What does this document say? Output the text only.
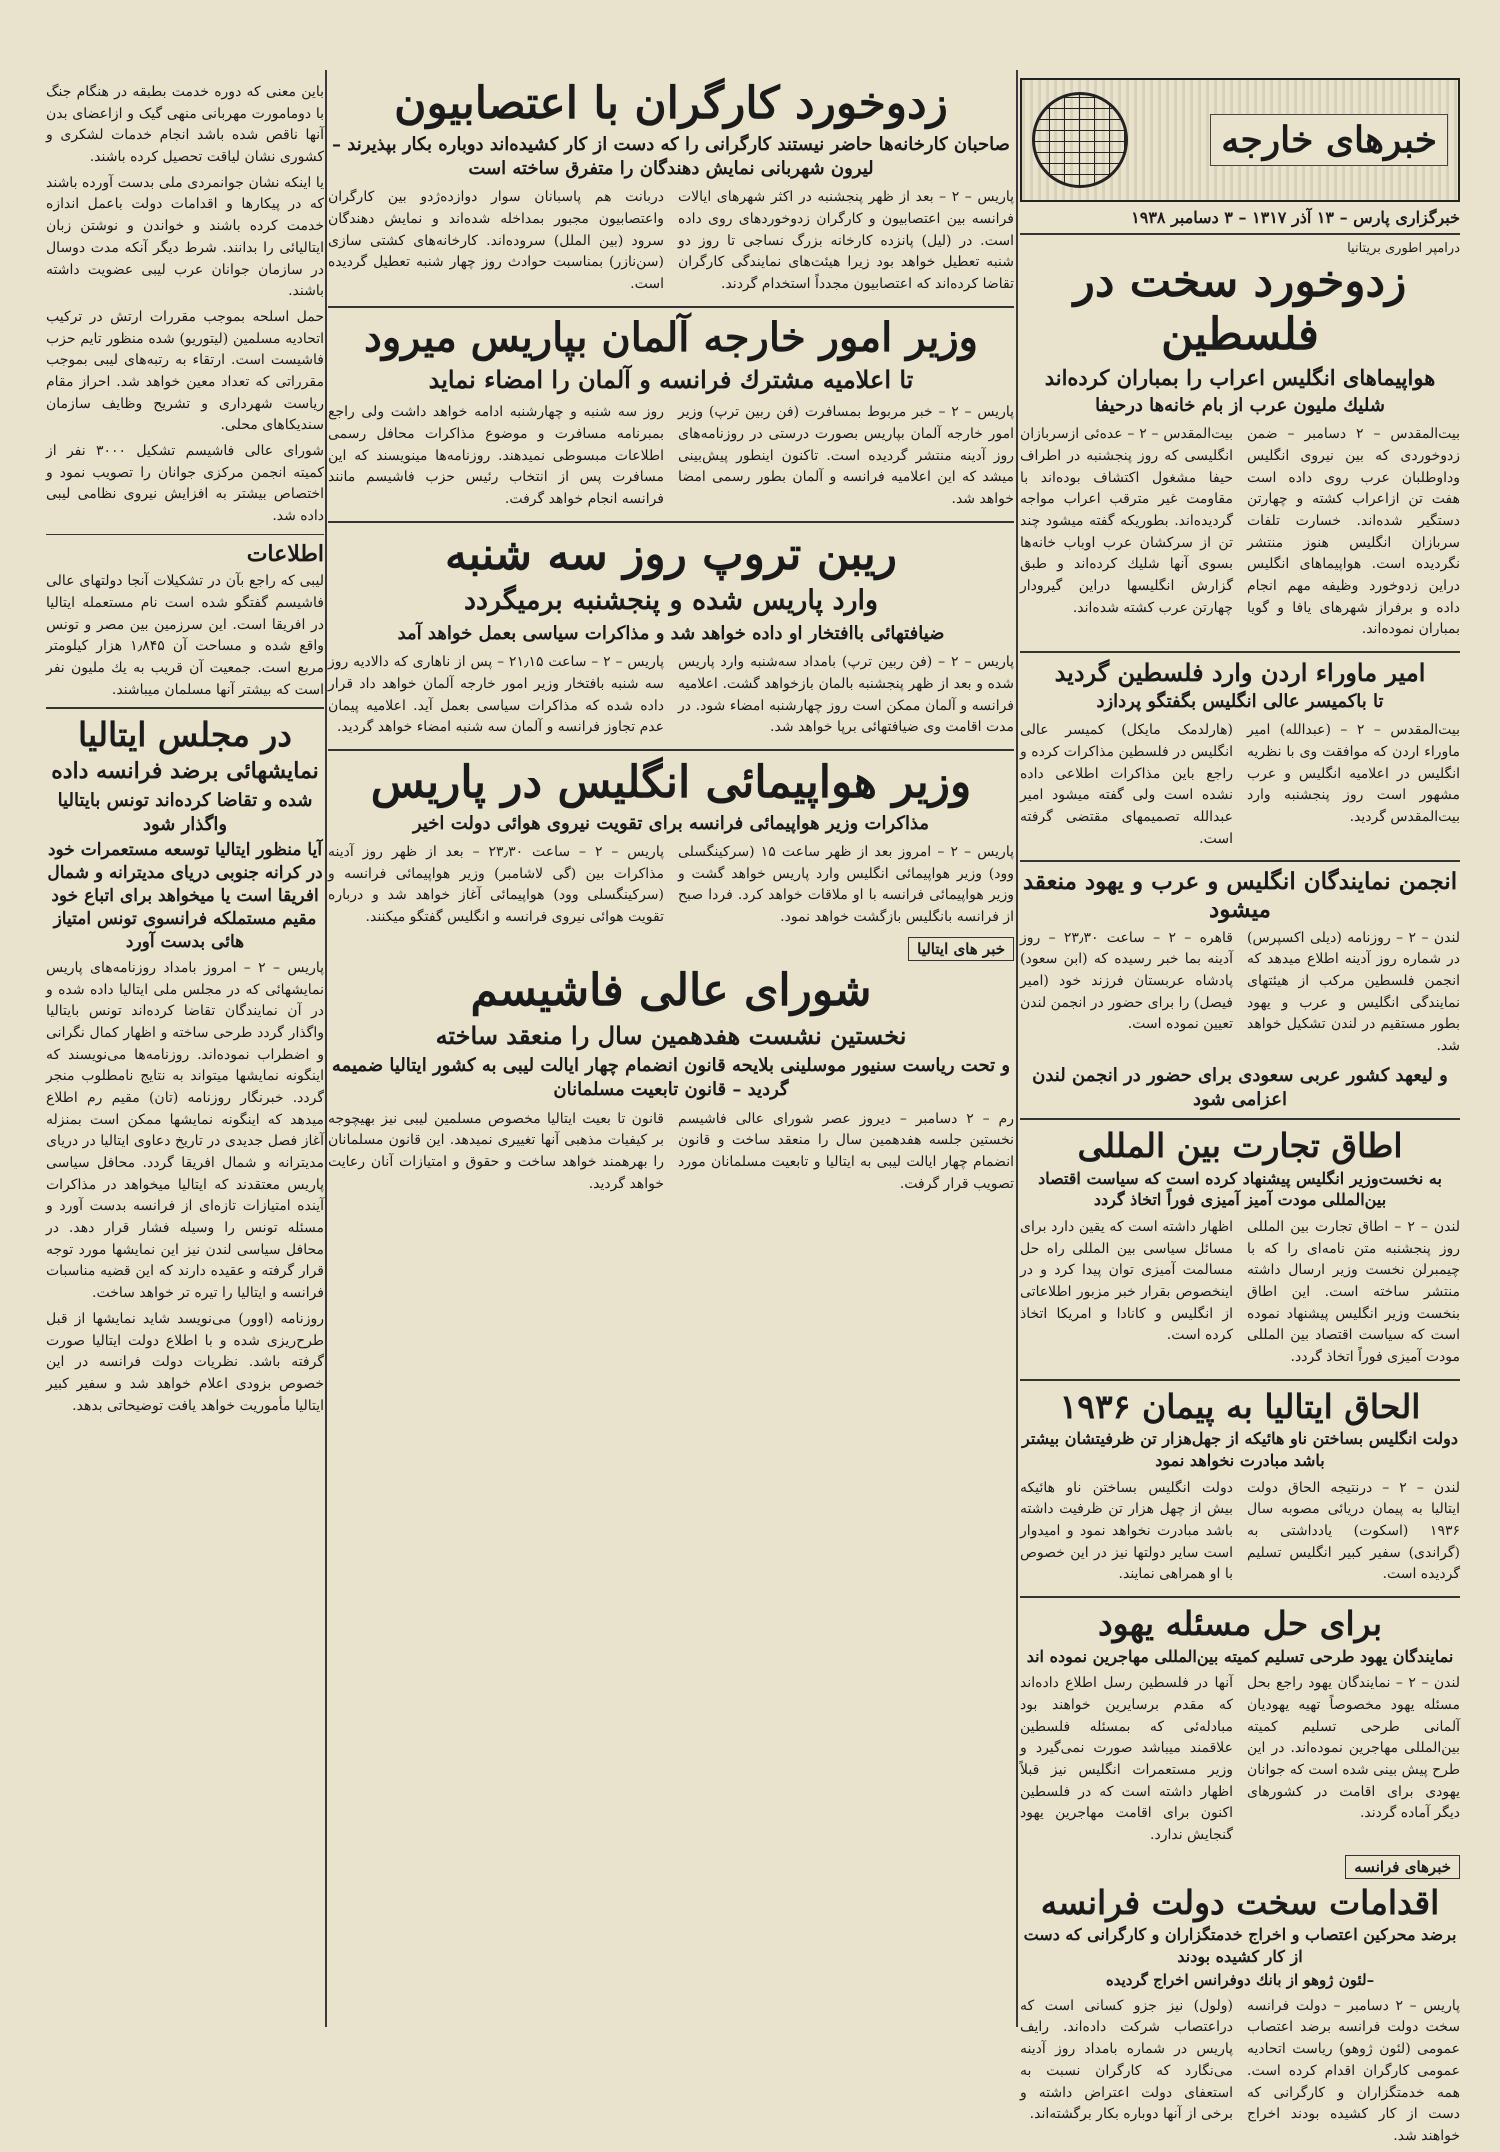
خبرهای خارجه
خبرگزاری پارس – ۱۳ آذر ۱۳۱۷ – ۳ دسامبر ۱۹۳۸
درامپر اطوری بریتانیا
زدوخورد سخت در فلسطین
هواپیماهای انگلیس اعراب را بمباران کرده‌اند
شلیك مليون عرب از بام خانه‌ها درحیفا

بیت‌المقدس – ۲ دسامبر – ضمن زدوخوردی که بین نیروی انگلیس وداوطلبان عرب روی داده است هفت تن ازاعراب کشته و چهارتن دستگیر شده‌اند. خسارت تلفات سربازان انگلیس هنوز منتشر نگردیده است. هواپیماهای انگلیس دراین زدوخورد وظیفه مهم انجام داده و برفراز شهرهای یافا و گویا بمباران نموده‌اند.

بیت‌المقدس – ۲ – عده‌ئی ازسربازان انگلیسی که روز پنجشنبه در اطراف حیفا مشغول اکتشاف بوده‌اند با مقاومت غیر مترقب اعراب مواجه گردیده‌اند. بطوریکه گفته میشود چند تن از سرکشان عرب اوباب خانه‌ها بسوی آنها شلیك کرده‌اند و طبق گزارش انگلیسها دراین گیرودار چهارتن عرب کشته شده‌اند.

امیر ماوراء اردن وارد فلسطین گردید
تا باکمیسر عالی انگلیس بگفتگو پردازد

بیت‌المقدس – ۲ – (عبدالله) امیر ماوراء اردن که موافقت وی با نظریه انگلیس در اعلامیه انگلیس و عرب مشهور است روز پنجشنبه وارد بیت‌المقدس گردید.

(هارلدمک مایکل) کمیسر عالی انگلیس در فلسطین مذاکرات کرده و راجع باین مذاکرات اطلاعی داده نشده است ولی گفته میشود امیر عبدالله تصمیمهای مقتضی گرفته است.

انجمن نمایندگان انگلیس و عرب و یهود منعقد میشود

لندن – ۲ – روزنامه (دیلی اکسپرس) در شماره روز آدینه اطلاع میدهد که انجمن فلسطین مرکب از هیئتهای نمایندگی انگلیس و عرب و یهود بطور مستقیم در لندن تشکیل خواهد شد.

قاهره – ۲ – ساعت ۲۳٫۳۰ – روز آدینه بما خبر رسیده که (ابن سعود) پادشاه عربستان فرزند خود (امیر فیصل) را برای حضور در انجمن لندن تعیین نموده است.

و لیعهد کشور عربی سعودی برای حضور در انجمن لندن اعزامی شود
اطاق تجارت بین المللی
به نخست‌وزیر انگلیس پیشنهاد کرده است که سیاست اقتصاد بین‌المللی مودت آمیز آمیزی فوراً اتخاذ گردد

لندن – ۲ – اطاق تجارت بین المللی روز پنجشنبه متن نامه‌ای را که با چیمبرلن نخست وزیر ارسال داشته منتشر ساخته است. این اطاق بنخست وزیر انگلیس پیشنهاد نموده است که سیاست اقتصاد بین المللی مودت آمیزی فوراً اتخاذ گردد.

اظهار داشته است که یقین دارد برای مسائل سیاسی بین المللی راه حل مسالمت آمیزی توان پیدا کرد و در اینخصوص بقرار خبر مزبور اطلاعاتی از انگلیس و کانادا و امریکا اتخاذ کرده است.

الحاق ایتالیا به پیمان ۱۹۳۶
دولت انگلیس بساختن ناو هائیکه از جهل‌هزار تن ظرفیتشان بیشتر باشد مبادرت نخواهد نمود

لندن – ۲ – درنتیجه الحاق دولت ایتالیا به پیمان دریائی مصوبه سال ۱۹۳۶ (اسکوت) یادداشتی به (گراندی) سفیر کبیر انگلیس تسلیم گردیده است.

دولت انگلیس بساختن ناو هائیکه بیش از چهل هزار تن ظرفیت داشته باشد مبادرت نخواهد نمود و امیدوار است سایر دولتها نیز در این خصوص با او همراهی نمایند.

برای حل مسئله یهود
نمایندگان یهود طرحی تسلیم کمیته بین‌المللی مهاجرین نموده اند

لندن – ۲ – نمایندگان یهود راجع بحل مسئله یهود مخصوصاً تهیه یهودیان آلمانی طرحی تسلیم کمیته بین‌المللی مهاجرین نموده‌اند. در این طرح پیش بینی شده است که جوانان یهودی برای اقامت در کشورهای دیگر آماده گردند.

آنها در فلسطین رسل اطلاع داده‌اند که مقدم برسایرین خواهند بود مبادله‌ئی که بمسئله فلسطین علاقمند میباشد صورت نمی‌گیرد و وزیر مستعمرات انگلیس نیز قبلاً اظهار داشته است که در فلسطین اکنون برای اقامت مهاجرین یهود گنجایش ندارد.

خبرهای فرانسه
اقدامات سخت دولت فرانسه
برضد محرکین اعتصاب و اخراج خدمتگزاران و کارگرانی که دست از کار کشیده بودند
–لئون ژوهو از بانك دوفرانس اخراج گردیده

پاریس – ۲ دسامبر – دولت فرانسه سخت دولت فرانسه برضد اعتصاب عمومی (لئون ژوهو) ریاست اتحادیه عمومی کارگران اقدام کرده است. همه خدمتگزاران و کارگرانی که دست از کار کشیده بودند اخراج خواهند شد.

(ولول) نیز جزو کسانی است که دراعتصاب شرکت داده‌اند. رایف پاریس در شماره بامداد روز آدینه می‌نگارد که کارگران نسبت به استعفای دولت اعتراض داشته و برخی از آنها دوباره بکار برگشته‌اند.

زدوخورد کارگران با اعتصابیون
صاحبان کارخانه‌ها حاضر نیستند کارگرانی را که دست از کار کشیده‌اند دوباره بکار بپذیرند – لیرون شهربانی نمایش دهندگان را متفرق ساخته است

پاریس – ۲ – بعد از ظهر پنجشنبه در اکثر شهرهای ایالات فرانسه بین اعتصابیون و کارگران زدوخوردهای روی داده است. در (لیل) پانزده کارخانه بزرگ نساجی تا روز دو شنبه تعطیل خواهد بود زیرا هیئت‌های نمایندگی کارگران تقاضا کرده‌اند که اعتصابیون مجدداً استخدام گردند.

دربانت هم پاسبانان سوار دوازده‌ژدو بین کارگران واعتصابیون مجبور بمداخله شده‌اند و نمایش دهندگان سرود (بین الملل) سروده‌اند. کارخانه‌های کشتی سازی (سن‌نازر) بمناسبت حوادث روز چهار شنبه تعطیل گردیده است.

وزیر امور خارجه آلمان بپاریس میرود
تا اعلامیه مشترك فرانسه و آلمان را امضاء نماید

پاریس – ۲ – خبر مربوط بمسافرت (فن ربین ترپ) وزیر امور خارجه آلمان بپاریس بصورت درستی در روزنامه‌های روز آدینه منتشر گردیده است. تاکنون اینطور پیش‌بینی میشد که این اعلامیه فرانسه و آلمان بطور رسمی امضا خواهد شد.

روز سه شنبه و چهارشنبه ادامه خواهد داشت ولی راجع بمبرنامه مسافرت و موضوع مذاکرات محافل رسمی اطلاعات مبسوطی نمیدهند. روزنامه‌ها مینویسند که این مسافرت پس از انتخاب رئیس حزب فاشیسم مانند فرانسه انجام خواهد گرفت.

ریبن تروپ روز سه شنبه
وارد پاریس شده و پنجشنبه برمیگردد
ضیافتهائی باافتخار او داده خواهد شد و مذاکرات سیاسی بعمل خواهد آمد

پاریس – ۲ – (فن ربین ترپ) بامداد سه‌شنبه وارد پاریس شده و بعد از ظهر پنجشنبه بالمان بازخواهد گشت. اعلامیه فرانسه و آلمان ممکن است روز چهارشنبه امضاء شود. در مدت اقامت وی ضیافتهائی برپا خواهد شد.

پاریس – ۲ – ساعت ۲۱٫۱۵ – پس از ناهاری که دالادیه روز سه شنبه بافتخار وزیر امور خارجه آلمان خواهد داد قرار داده شده که مذاکرات سیاسی بعمل آید. اعلامیه پیمان عدم تجاوز فرانسه و آلمان سه شنبه امضاء خواهد گردید.

وزیر هواپیمائی انگلیس در پاریس
مذاکرات وزیر هواپیمائی فرانسه برای تقویت نیروی هوائی دولت اخیر

پاریس – ۲ – امروز بعد از ظهر ساعت ۱۵ (سرکینگسلی وود) وزیر هواپیمائی انگلیس وارد پاریس خواهد گشت و وزیر هواپیمائی فرانسه با او ملاقات خواهد کرد. فردا صبح از فرانسه بانگلیس بازگشت خواهد نمود.

پاریس – ۲ – ساعت ۲۳٫۳۰ – بعد از ظهر روز آدینه مذاکرات بین (گی لاشامبر) وزیر هواپیمائی فرانسه و (سرکینگسلی وود) هواپیمائی آغاز خواهد شد و درباره تقویت هوائی نیروی فرانسه و انگلیس گفتگو میکنند.

خبر های ایتالیا
شورای عالی فاشیسم
نخستین نشست هفدهمین سال را منعقد ساخته
و تحت ریاست سنیور موسلینی بلایحه قانون انضمام چهار ایالت لیبی به کشور ایتالیا ضمیمه گردید – قانون تابعیت مسلمانان

رم – ۲ دسامبر – دیروز عصر شورای عالی فاشیسم نخستین جلسه هفدهمین سال را منعقد ساخت و قانون انضمام چهار ایالت لیبی به ایتالیا و تابعیت مسلمانان مورد تصویب قرار گرفت.

قانون تا بعیت ایتالیا مخصوص مسلمین لیبی نیز بهیچوجه بر کیفیات مذهبی آنها تغییری نمیدهد. این قانون مسلمانان را بهرهمند خواهد ساخت و حقوق و امتیازات آنان رعایت خواهد گردید.

باین معنی که دوره خدمت بطبقه در هنگام جنگ با دومامورت مهربانی منهی گیک و ازاعضای بدن آنها ناقص شده باشد انجام خدمات لشکری و کشوری نشان لیاقت تحصیل کرده باشند.

یا اینکه نشان جوانمردی ملی بدست آورده باشند که در پیکار‌ها و اقدامات دولت باعمل اندازه خدمت کرده باشند و خواندن و نوشتن زبان ایتالیائی را بدانند. شرط دیگر آنکه مدت دوسال در سازمان جوانان عرب لیبی عضویت داشته باشند.

حمل اسلحه بموجب مقررات ارتش در ترکیب اتحادیه مسلمین (لیتوریو) شده منظور تایم حزب فاشیست است. ارتقاء به رتبه‌های لیبی بموجب مقرراتی که تعداد معین خواهد شد. احراز مقام ریاست شهرداری و تشریح وظایف سازمان سنديكاهای محلی.

شورای عالی فاشیسم تشکیل ۳۰۰۰ نفر از کمیته انجمن مرکزی جوانان را تصویب نمود و اختصاص بیشتر به افزایش نیروی نظامی لیبی داده شد.

اطلاعات

لیبی که راجع بآن در تشکیلات آنجا دولتهای عالی فاشیسم گفتگو شده است نام مستعمله ایتالیا در افریقا است. این سرزمین بین مصر و تونس واقع شده و مساحت آن ۱٫۸۴۵ هزار کیلومتر مربع است. جمعیت آن قریب به یك ملیون نفر است که بیشتر آنها مسلمان میباشند.

در مجلس ایتالیا
نمایشهائی برضد فرانسه داده
شده و تقاضا کرده‌اند تونس بایتالیا واگذار شود
آیا منظور ایتالیا توسعه مستعمرات خود در کرانه جنوبی دریای مدیترانه و شمال افریقا است یا میخواهد برای اتباع خود مقیم مستملکه فرانسوی تونس امتیاز هائی بدست آورد

پاریس – ۲ – امروز بامداد روزنامه‌های پاریس نمایشهائی که در مجلس ملی ایتالیا داده شده و در آن نمایندگان تقاضا کرده‌اند تونس بایتالیا واگذار گردد طرحی ساخته و اظهار کمال نگرانی و اضطراب نموده‌اند. روزنامه‌ها می‌نویسند که اینگونه نمایشها میتواند به نتایج نامطلوب منجر گردد. خبرنگار روزنامه (تان) مقیم رم اطلاع میدهد که اینگونه نمایشها ممکن است بمنزله آغاز فصل جدیدی در تاریخ دعاوی ایتالیا در دریای مدیترانه و شمال افریقا گردد. محافل سیاسی پاریس معتقدند که ایتالیا میخواهد در مذاکرات آینده امتیازات تازه‌ای از فرانسه بدست آورد و مسئله تونس را وسیله فشار قرار دهد. در محافل سیاسی لندن نیز این نمایشها مورد توجه قرار گرفته و عقیده دارند که این قضیه مناسبات فرانسه و ایتالیا را تیره تر خواهد ساخت.

روزنامه (اوور) می‌نویسد شاید نمایشها از قبل طرح‌ریزی شده و با اطلاع دولت ایتالیا صورت گرفته باشد. نظریات دولت فرانسه در این خصوص بزودی اعلام خواهد شد و سفیر کبیر ایتالیا مأموریت خواهد یافت توضیحاتی بدهد.
